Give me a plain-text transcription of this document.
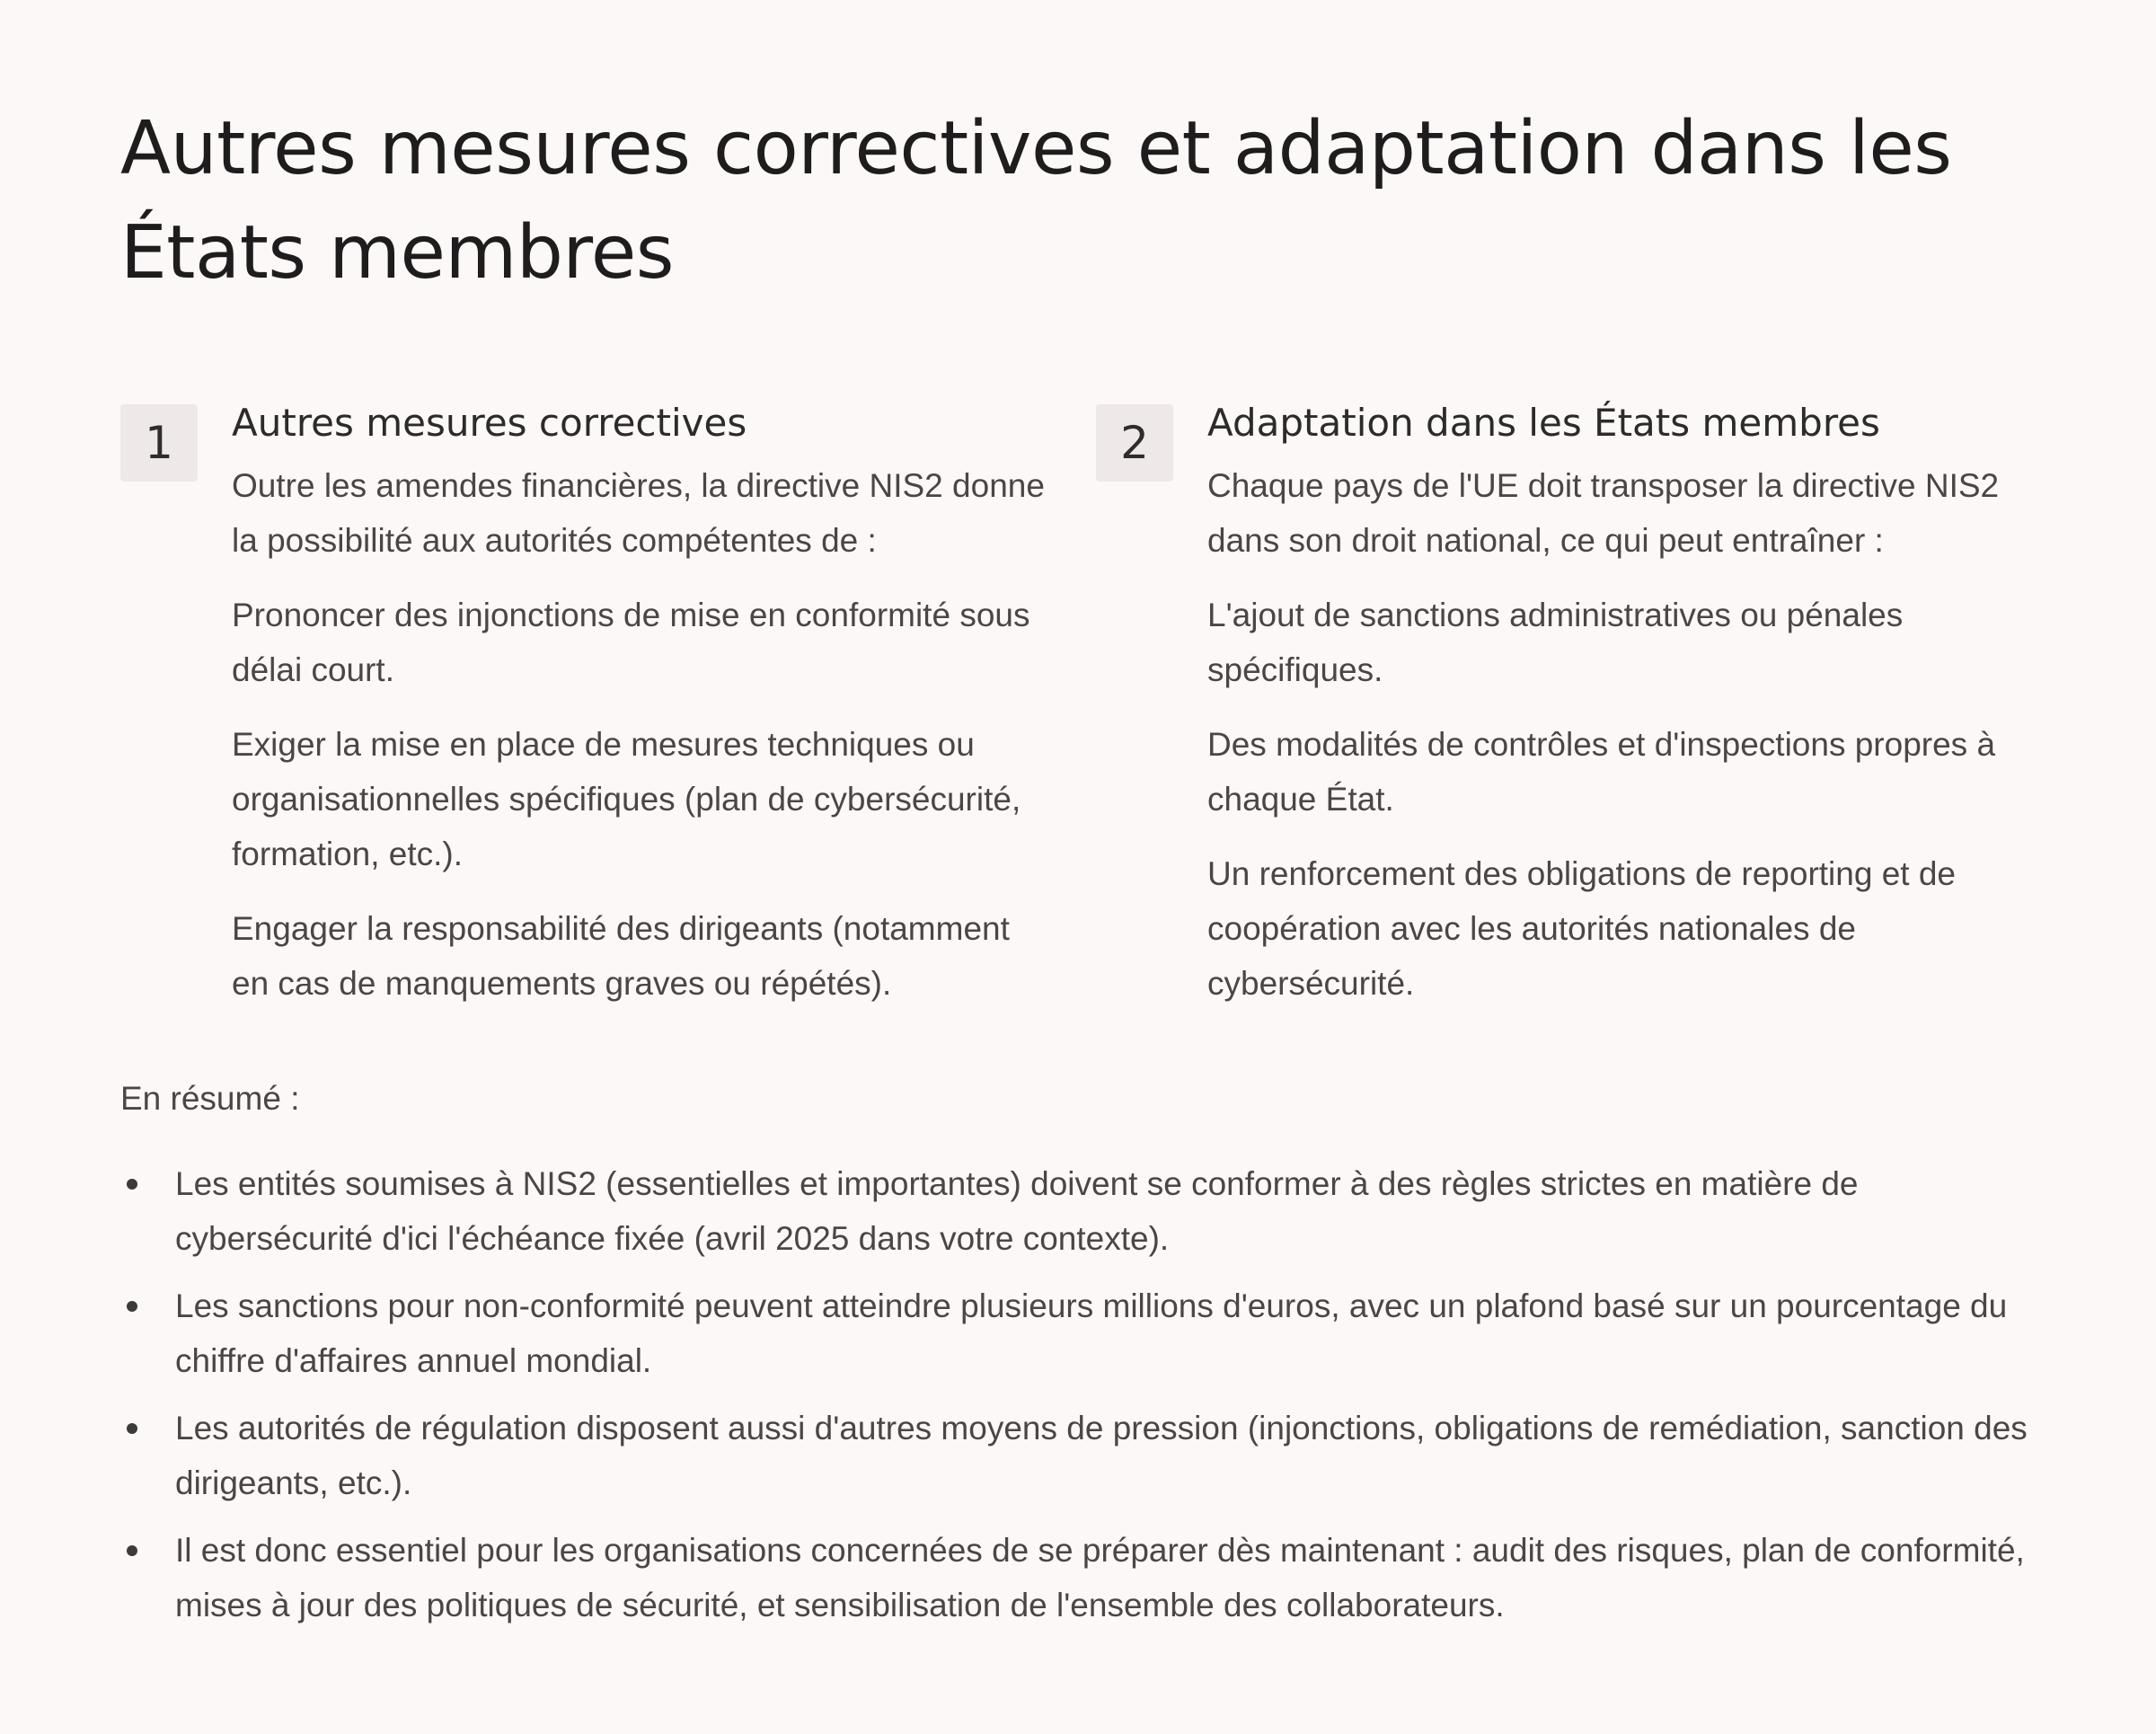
Autres mesures correctives et adaptation dans les États membres
1	Autres mesures correctives

Outre les amendes financières, la directive NIS2 donne la possibilité aux autorités compétentes de :

Prononcer des injonctions de mise en conformité sous délai court.

Exiger la mise en place de mesures techniques ou organisationnelles spécifiques (plan de cybersécurité, formation, etc.).

Engager la responsabilité des dirigeants (notamment en cas de manquements graves ou répétés).

2	Adaptation dans les États membres

Chaque pays de l'UE doit transposer la directive NIS2 dans son droit national, ce qui peut entraîner :

L'ajout de sanctions administratives ou pénales spécifiques.

Des modalités de contrôles et d'inspections propres à chaque État.

Un renforcement des obligations de reporting et de coopération avec les autorités nationales de cybersécurité.

En résumé :

Les entités soumises à NIS2 (essentielles et importantes) doivent se conformer à des règles strictes en matière de cybersécurité d'ici l'échéance fixée (avril 2025 dans votre contexte).
Les sanctions pour non-conformité peuvent atteindre plusieurs millions d'euros, avec un plafond basé sur un pourcentage du chiffre d'affaires annuel mondial.
Les autorités de régulation disposent aussi d'autres moyens de pression (injonctions, obligations de remédiation, sanction des dirigeants, etc.).
Il est donc essentiel pour les organisations concernées de se préparer dès maintenant : audit des risques, plan de conformité, mises à jour des politiques de sécurité, et sensibilisation de l'ensemble des collaborateurs.
